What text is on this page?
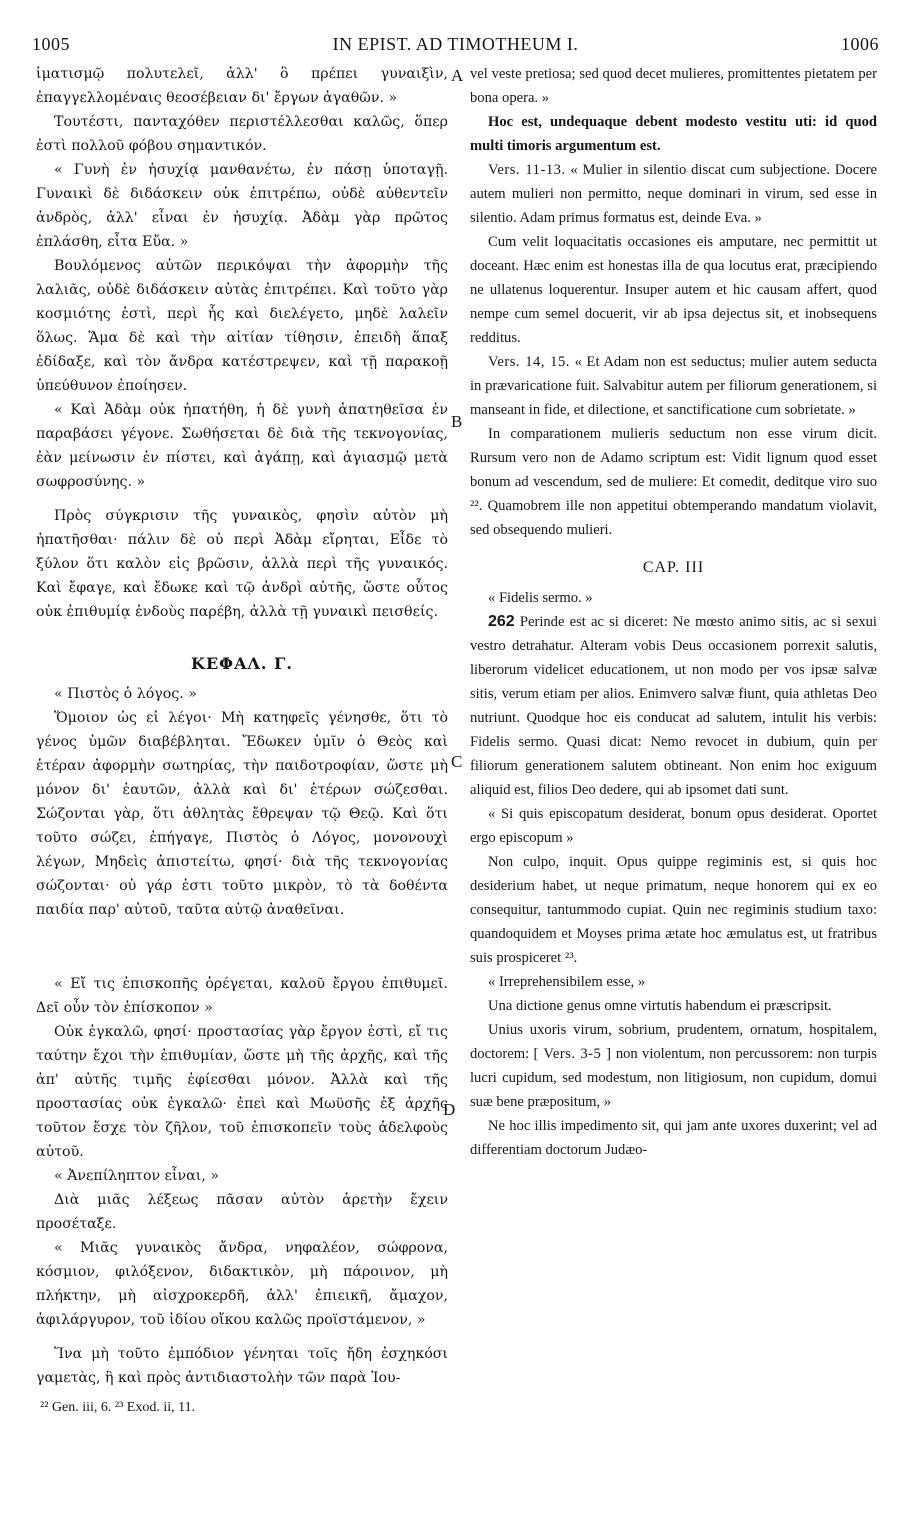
1005	IN EPIST. AD TIMOTHEUM I.	1006

ἱματισμῷ πολυτελεῖ, ἀλλ' ὃ πρέπει γυναιξὶν, ἐπαγγελλομέναις θεοσέβειαν δι' ἔργων ἀγαθῶν. »

Τουτέστι, πανταχόθεν περιστέλλεσθαι καλῶς, ὅπερ ἐστὶ πολλοῦ φόβου σημαντικόν.

« Γυνὴ ἐν ἡσυχίᾳ μανθανέτω, ἐν πάσῃ ὑποταγῇ. Γυναικὶ δὲ διδάσκειν οὐκ ἐπιτρέπω, οὐδὲ αὐθεντεῖν ἀνδρὸς, ἀλλ' εἶναι ἐν ἡσυχίᾳ. Ἀδὰμ γὰρ πρῶτος ἐπλάσθη, εἶτα Εὔα. »

Βουλόμενος αὐτῶν περικόψαι τὴν ἀφορμὴν τῆς λαλιᾶς, οὐδὲ διδάσκειν αὐτὰς ἐπιτρέπει. Καὶ τοῦτο γὰρ κοσμιότης ἐστὶ, περὶ ἧς καὶ διελέγετο, μηδὲ λαλεῖν ὅλως. Ἅμα δὲ καὶ τὴν αἰτίαν τίθησιν, ἐπειδὴ ἅπαξ ἐδίδαξε, καὶ τὸν ἄνδρα κατέστρεψεν, καὶ τῇ παρακοῇ ὑπεύθυνον ἐποίησεν.

« Καὶ Ἀδὰμ οὐκ ἠπατήθη, ἡ δὲ γυνὴ ἀπατηθεῖσα ἐν παραβάσει γέγονε. Σωθήσεται δὲ διὰ τῆς τεκνογονίας, ἐὰν μείνωσιν ἐν πίστει, καὶ ἀγάπῃ, καὶ ἁγιασμῷ μετὰ σωφροσύνης. »

Πρὸς σύγκρισιν τῆς γυναικὸς, φησὶν αὐτὸν μὴ ἠπατῆσθαι· πάλιν δὲ οὐ περὶ Ἀδὰμ εἴρηται, Εἶδε τὸ ξύλον ὅτι καλὸν εἰς βρῶσιν, ἀλλὰ περὶ τῆς γυναικός. Καὶ ἔφαγε, καὶ ἔδωκε καὶ τῷ ἀνδρὶ αὐτῆς, ὥστε οὗτος οὐκ ἐπιθυμίᾳ ἐνδοὺς παρέβη, ἀλλὰ τῇ γυναικὶ πεισθείς.

ΚΕΦΑΛ. Γ.

« Πιστὸς ὁ λόγος. »

Ὅμοιον ὡς εἰ λέγοι· Μὴ κατηφεῖς γένησθε, ὅτι τὸ γένος ὑμῶν διαβέβληται. Ἔδωκεν ὑμῖν ὁ Θεὸς καὶ ἑτέραν ἀφορμὴν σωτηρίας, τὴν παιδοτροφίαν, ὥστε μὴ μόνον δι' ἑαυτῶν, ἀλλὰ καὶ δι' ἑτέρων σώζεσθαι. Σώζονται γὰρ, ὅτι ἀθλητὰς ἔθρεψαν τῷ Θεῷ. Καὶ ὅτι τοῦτο σώζει, ἐπήγαγε, Πιστὸς ὁ Λόγος, μονονουχὶ λέγων, Μηδεὶς ἀπιστείτω, φησί· διὰ τῆς τεκνογονίας σώζονται· οὐ γάρ ἐστι τοῦτο μικρὸν, τὸ τὰ δοθέντα παιδία παρ' αὐτοῦ, ταῦτα αὐτῷ ἀναθεῖναι.

« Εἴ τις ἐπισκοπῆς ὀρέγεται, καλοῦ ἔργου ἐπιθυμεῖ. Δεῖ οὖν τὸν ἐπίσκοπον »

Οὐκ ἐγκαλῶ, φησί· προστασίας γὰρ ἔργον ἐστὶ, εἴ τις ταύτην ἔχοι τὴν ἐπιθυμίαν, ὥστε μὴ τῆς ἀρχῆς, καὶ τῆς ἀπ' αὐτῆς τιμῆς ἐφίεσθαι μόνον. Ἀλλὰ καὶ τῆς προστασίας οὐκ ἐγκαλῶ· ἐπεὶ καὶ Μωϋσῆς ἐξ ἀρχῆς τοῦτον ἔσχε τὸν ζῆλον, τοῦ ἐπισκοπεῖν τοὺς ἀδελφοὺς αὐτοῦ.

« Ἀνεπίληπτον εἶναι, »

Διὰ μιᾶς λέξεως πᾶσαν αὐτὸν ἀρετὴν ἔχειν προσέταξε.

« Μιᾶς γυναικὸς ἄνδρα, νηφαλέον, σώφρονα, κόσμιον, φιλόξενον, διδακτικὸν, μὴ πάροινον, μὴ πλήκτην, μὴ αἰσχροκερδῆ, ἀλλ' ἐπιεικῆ, ἄμαχον, ἀφιλάργυρον, τοῦ ἰδίου οἴκου καλῶς προϊστάμενον, »

Ἵνα μὴ τοῦτο ἐμπόδιον γένηται τοῖς ἤδη ἐσχηκόσι γαμετὰς, ἢ καὶ πρὸς ἀντιδιαστολὴν τῶν παρὰ Ἰου-

vel veste pretiosa; sed quod decet mulieres, promittentes pietatem per bona opera. »

Hoc est, undequaque debent modesto vestitu uti: id quod multi timoris argumentum est.

Vers. 11-13. « Mulier in silentio discat cum subjectione. Docere autem mulieri non permitto, neque dominari in virum, sed esse in silentio. Adam primus formatus est, deinde Eva. »

Cum velit loquacitatis occasiones eis amputare, nec permittit ut doceant. Hæc enim est honestas illa de qua locutus erat, præcipiendo ne ullatenus loquerentur. Insuper autem et hic causam affert, quod nempe cum semel docuerit, vir ab ipsa dejectus sit, et inobsequens redditus.

Vers. 14, 15. « Et Adam non est seductus; mulier autem seducta in prævaricatione fuit. Salvabitur autem per filiorum generationem, si manseant in fide, et dilectione, et sanctificatione cum sobrietate. »

In comparationem mulieris seductum non esse virum dicit. Rursum vero non de Adamo scriptum est: Vidit lignum quod esset bonum ad vescendum, sed de muliere: Et comedit, deditque viro suo ²². Quamobrem ille non appetitui obtemperando mandatum violavit, sed obsequendo mulieri.

CAP. III

« Fidelis sermo. »

262 Perinde est ac si diceret: Ne mœsto animo sitis, ac si sexui vestro detrahatur. Alteram vobis Deus occasionem porrexit salutis, liberorum videlicet educationem, ut non modo per vos ipsæ salvæ sitis, verum etiam per alios. Enimvero salvæ fiunt, quia athletas Deo nutriunt. Quodque hoc eis conducat ad salutem, intulit his verbis: Fidelis sermo. Quasi dicat: Nemo revocet in dubium, quin per filiorum generationem salutem obtineant. Non enim hoc exiguum aliquid est, filios Deo dedere, qui ab ipsomet dati sunt.

« Si quis episcopatum desiderat, bonum opus desiderat. Oportet ergo episcopum »

Non culpo, inquit. Opus quippe regiminis est, si quis hoc desiderium habet, ut neque primatum, neque honorem qui ex eo consequitur, tantummodo cupiat. Quin nec regiminis studium taxo: quandoquidem et Moyses prima ætate hoc æmulatus est, ut fratribus suis prospiceret ²³.

« Irreprehensibilem esse, »

Una dictione genus omne virtutis habendum ei præscripsit.

Unius uxoris virum, sobrium, prudentem, ornatum, hospitalem, doctorem: [ Vers. 3-5 ] non violentum, non percussorem: non turpis lucri cupidum, sed modestum, non litigiosum, non cupidum, domui suæ bene præpositum, »

Ne hoc illis impedimento sit, qui jam ante uxores duxerint; vel ad differentiam doctorum Judæo-

A
B
C
D
²² Gen. iii, 6. ²³ Exod. ii, 11.
